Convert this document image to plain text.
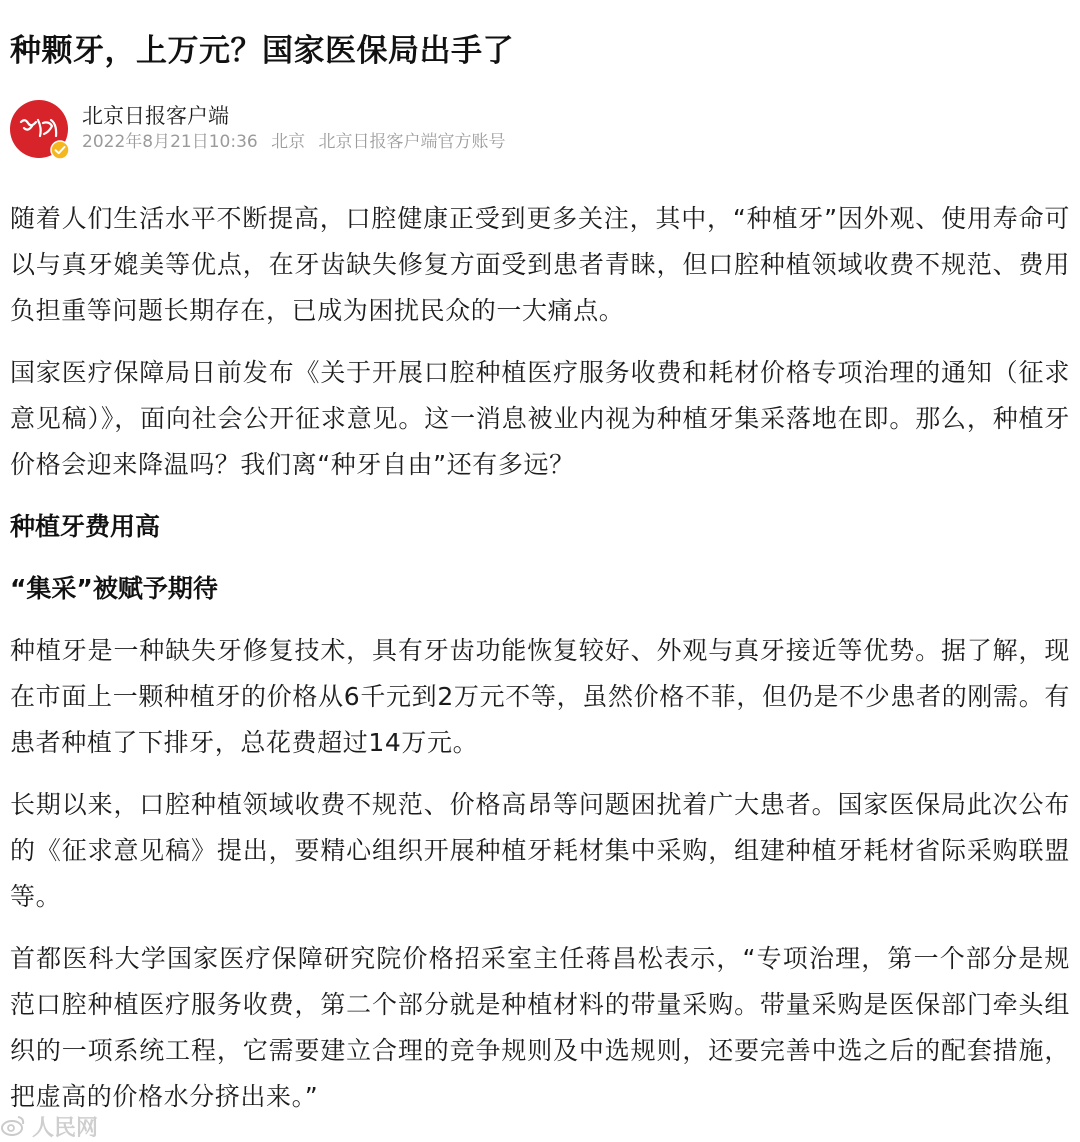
种颗牙，上万元？国家医保局出手了
北京日报客户端
2022年8月21日10:36 北京 北京日报客户端官方账号

随着人们生活水平不断提高，口腔健康正受到更多关注，其中，“种植牙”因外观、使用寿命可以与真牙媲美等优点，在牙齿缺失修复方面受到患者青睐，但口腔种植领域收费不规范、费用负担重等问题长期存在，已成为困扰民众的一大痛点。

国家医疗保障局日前发布《关于开展口腔种植医疗服务收费和耗材价格专项治理的通知（征求意见稿）》，面向社会公开征求意见。这一消息被业内视为种植牙集采落地在即。那么，种植牙价格会迎来降温吗？我们离“种牙自由”还有多远？

种植牙费用高

“集采”被赋予期待

种植牙是一种缺失牙修复技术，具有牙齿功能恢复较好、外观与真牙接近等优势。据了解，现在市面上一颗种植牙的价格从6千元到2万元不等，虽然价格不菲，但仍是不少患者的刚需。有患者种植了下排牙，总花费超过14万元。

长期以来，口腔种植领域收费不规范、价格高昂等问题困扰着广大患者。国家医保局此次公布的《征求意见稿》提出，要精心组织开展种植牙耗材集中采购，组建种植牙耗材省际采购联盟等。

首都医科大学国家医疗保障研究院价格招采室主任蒋昌松表示，“专项治理，第一个部分是规范口腔种植医疗服务收费，第二个部分就是种植材料的带量采购。带量采购是医保部门牵头组织的一项系统工程，它需要建立合理的竞争规则及中选规则，还要完善中选之后的配套措施，把虚高的价格水分挤出来。”

人民网
